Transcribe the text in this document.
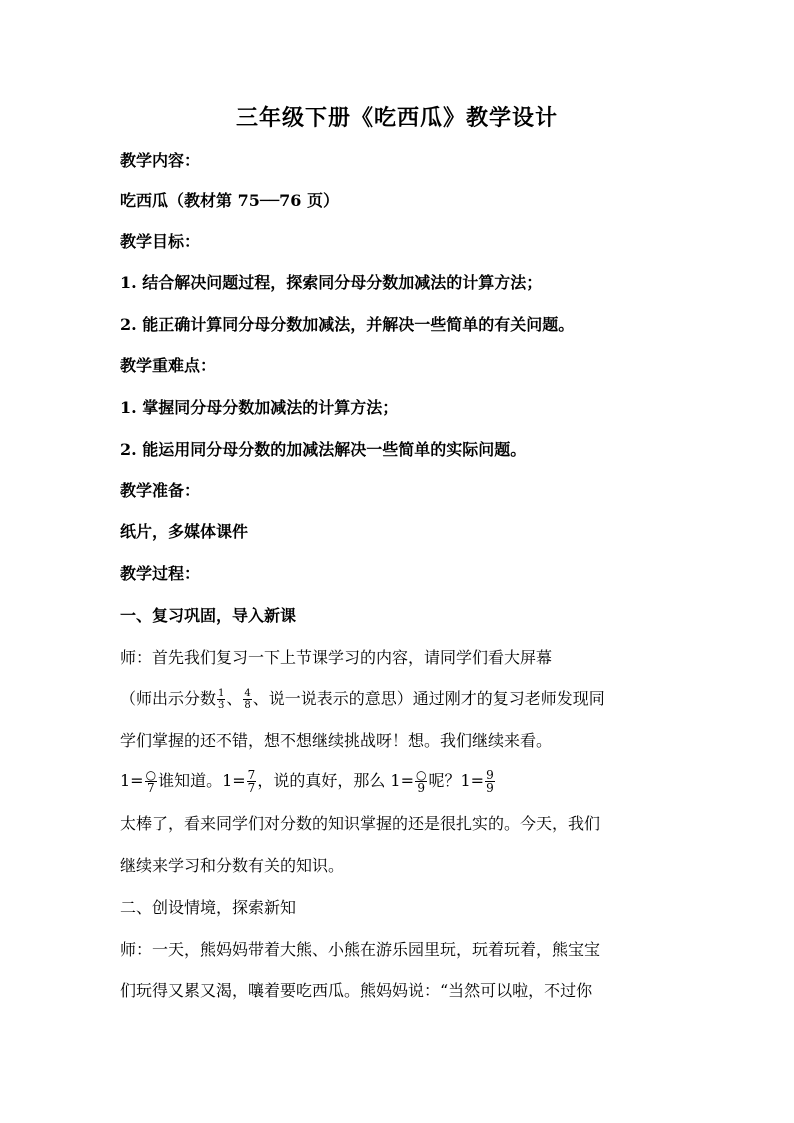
三年级下册《吃西瓜》教学设计
教学内容：
吃西瓜（教材第 75──76 页）
教学目标：
1. 结合解决问题过程，探索同分母分数加减法的计算方法；
2. 能正确计算同分母分数加减法，并解决一些简单的有关问题。
教学重难点：
1. 掌握同分母分数加减法的计算方法；
2. 能运用同分母分数的加减法解决一些简单的实际问题。
教学准备：
纸片，多媒体课件
教学过程：
一、复习巩固，导入新课
师：首先我们复习一下上节课学习的内容，请同学们看大屏幕
（师出示分数 $\frac{1}{3}$ 、 $\frac{4}{8}$ 、说一说表示的意思）通过刚才的复习老师发现同
学们掌握的还不错，想不想继续挑战呀！想。我们继续来看。
$1= \frac{○}{7}$ 谁知道。$1= \frac{7}{7}$ ，说的真好，那么 $1= \frac{○}{9}$ 呢？$1= \frac{9}{9}$
太棒了，看来同学们对分数的知识掌握的还是很扎实的。今天，我们
继续来学习和分数有关的知识。
二、创设情境，探索新知
师：一天，熊妈妈带着大熊、小熊在游乐园里玩，玩着玩着，熊宝宝
们玩得又累又渴，嚷着要吃西瓜。熊妈妈说：“当然可以啦，不过你
